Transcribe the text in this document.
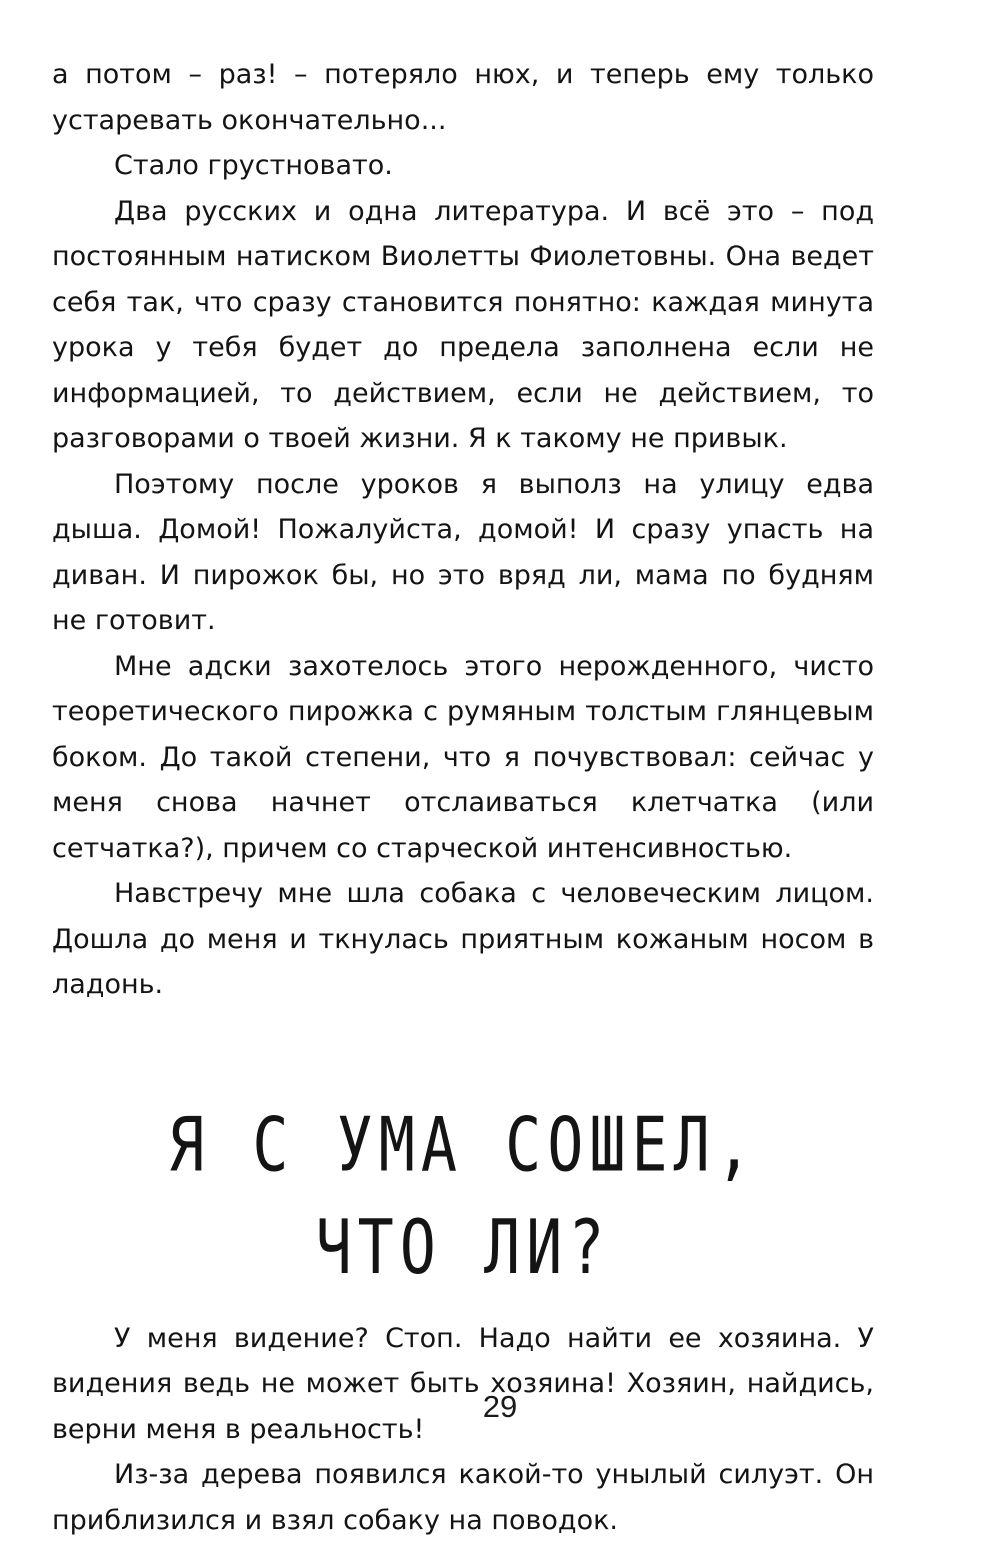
а потом – раз! – потеряло нюх, и теперь ему только устаревать окончательно...

Стало грустновато.

Два русских и одна литература. И всё это – под постоянным натиском Виолетты Фиолетовны. Она ведет себя так, что сразу становится понятно: каждая минута урока у тебя будет до предела заполнена если не информацией, то действием, если не действием, то разговорами о твоей жизни. Я к такому не привык.

Поэтому после уроков я выполз на улицу едва дыша. Домой! Пожалуйста, домой! И сразу упасть на диван. И пирожок бы, но это вряд ли, мама по будням не готовит.

Мне адски захотелось этого нерожденного, чисто теоретического пирожка с румяным толстым глянцевым боком. До такой степени, что я почувствовал: сейчас у меня снова начнет отслаиваться клетчатка (или сетчатка?), причем со старческой интенсивностью.

Навстречу мне шла собака с человеческим лицом. Дошла до меня и ткнулась приятным кожаным носом в ладонь.

Я С УМА СОШЕЛ,
ЧТО ЛИ?

У меня видение? Стоп. Надо найти ее хозяина. У видения ведь не может быть хозяина! Хозяин, найдись, верни меня в реальность!

Из-за дерева появился какой-то унылый силуэт. Он приблизился и взял собаку на поводок.

29
